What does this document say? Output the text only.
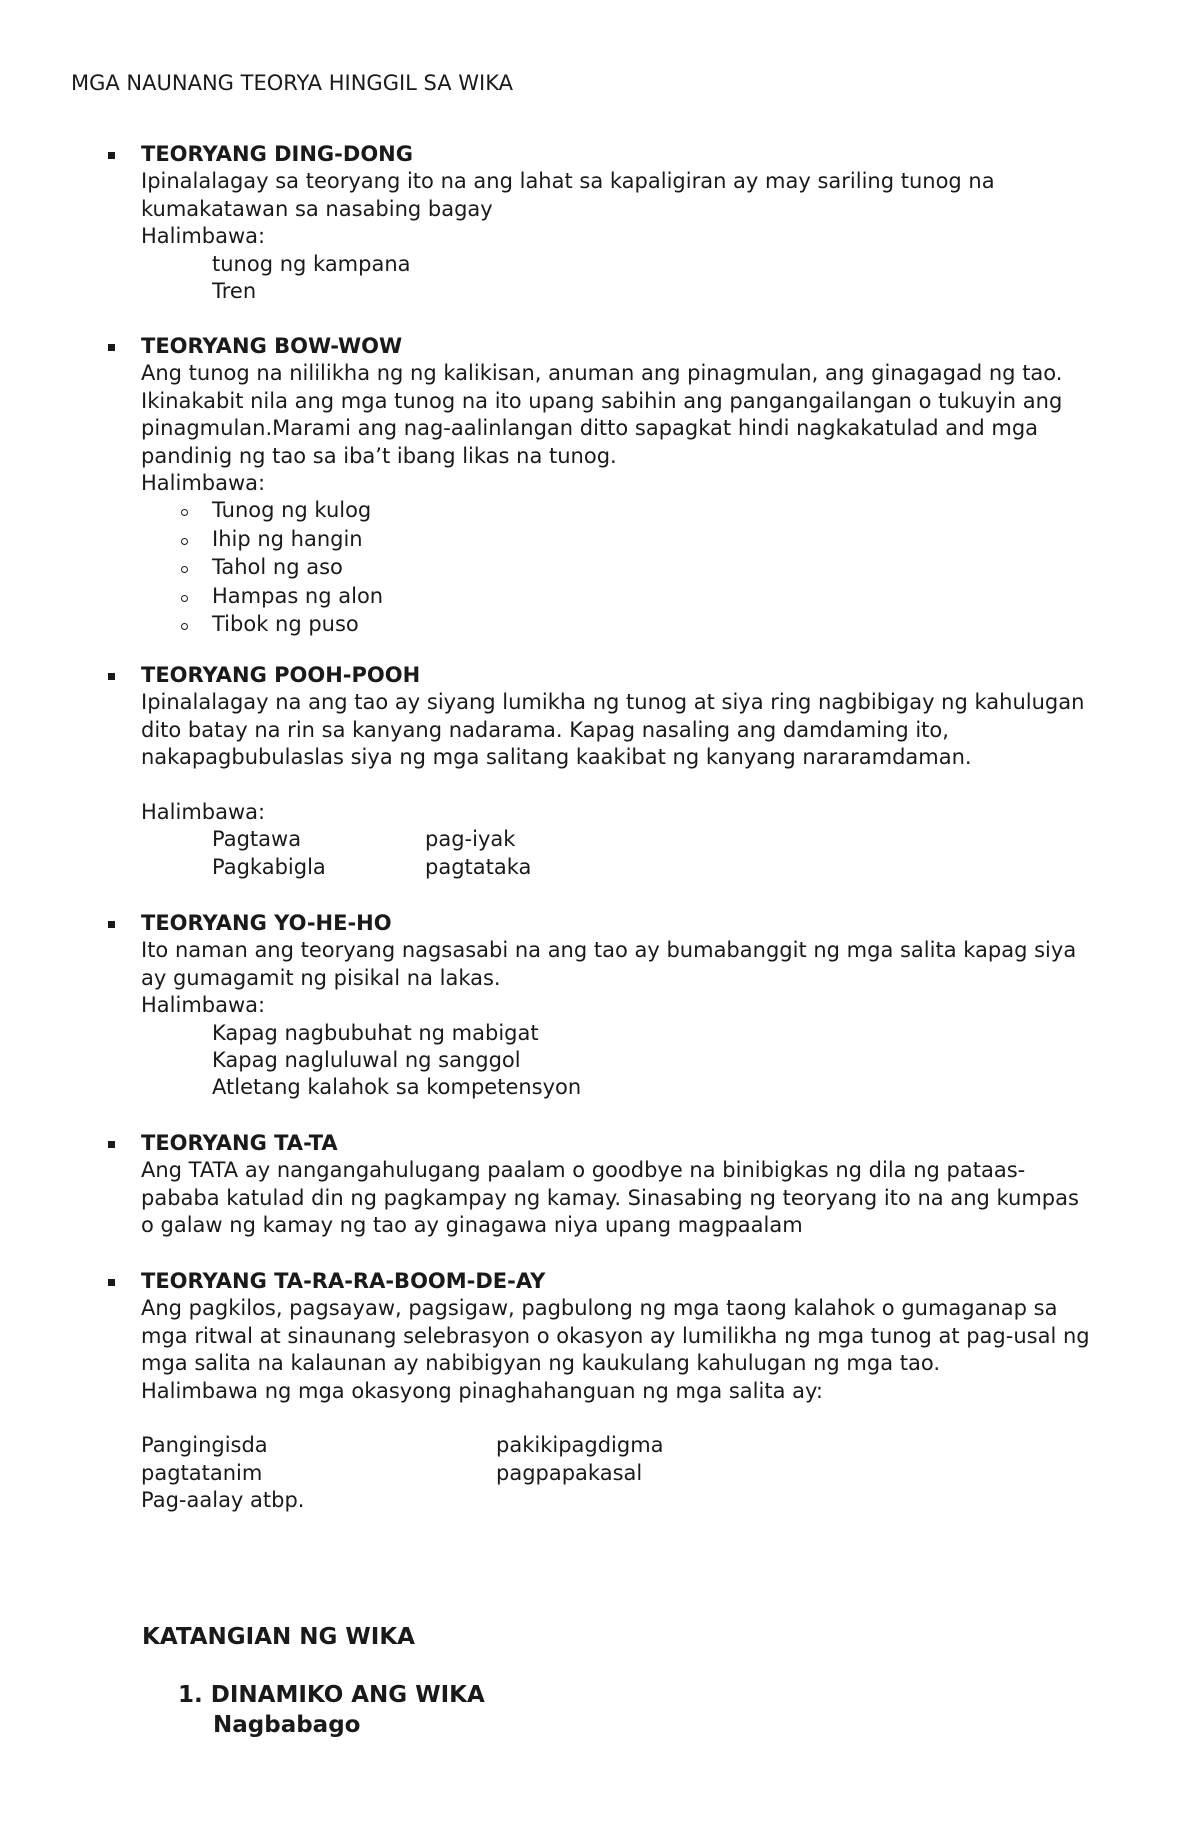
MGA NAUNANG TEORYA HINGGIL SA WIKA
TEORYANG DING-DONG

Ipinalalagay sa teoryang ito na ang lahat sa kapaligiran ay may sariling tunog na

kumakatawan sa nasabing bagay

Halimbawa:

tunog ng kampana

Tren

TEORYANG BOW-WOW

Ang tunog na nililikha ng ng kalikisan, anuman ang pinagmulan, ang ginagagad ng tao.

Ikinakabit nila ang mga tunog na ito upang sabihin ang pangangailangan o tukuyin ang

pinagmulan.Marami ang nag-aalinlangan ditto sapagkat hindi nagkakatulad and mga

pandinig ng tao sa iba’t ibang likas na tunog.

Halimbawa:

Tunog ng kulog
Ihip ng hangin
Tahol ng aso
Hampas ng alon
Tibok ng puso
TEORYANG POOH-POOH

Ipinalalagay na ang tao ay siyang lumikha ng tunog at siya ring nagbibigay ng kahulugan

dito batay na rin sa kanyang nadarama. Kapag nasaling ang damdaming ito,

nakapagbubulaslas siya ng mga salitang kaakibat ng kanyang nararamdaman.

Halimbawa:

Pagtawa	pag-iyak
Pagkabigla	pagtataka
TEORYANG YO-HE-HO

Ito naman ang teoryang nagsasabi na ang tao ay bumabanggit ng mga salita kapag siya

ay gumagamit ng pisikal na lakas.

Halimbawa:

Kapag nagbubuhat ng mabigat

Kapag nagluluwal ng sanggol

Atletang kalahok sa kompetensyon

TEORYANG TA-TA

Ang TATA ay nangangahulugang paalam o goodbye na binibigkas ng dila ng pataas-

pababa katulad din ng pagkampay ng kamay. Sinasabing ng teoryang ito na ang kumpas

o galaw ng kamay ng tao ay ginagawa niya upang magpaalam

TEORYANG TA-RA-RA-BOOM-DE-AY

Ang pagkilos, pagsayaw, pagsigaw, pagbulong ng mga taong kalahok o gumaganap sa

mga ritwal at sinaunang selebrasyon o okasyon ay lumilikha ng mga tunog at pag-usal ng

mga salita na kalaunan ay nabibigyan ng kaukulang kahulugan ng mga tao.

Halimbawa ng mga okasyong pinaghahanguan ng mga salita ay:

Pangingisda	pakikipagdigma
pagtatanim	pagpapakasal
Pag-aalay atbp.
KATANGIAN NG WIKA
1. DINAMIKO ANG WIKA

Nagbabago
